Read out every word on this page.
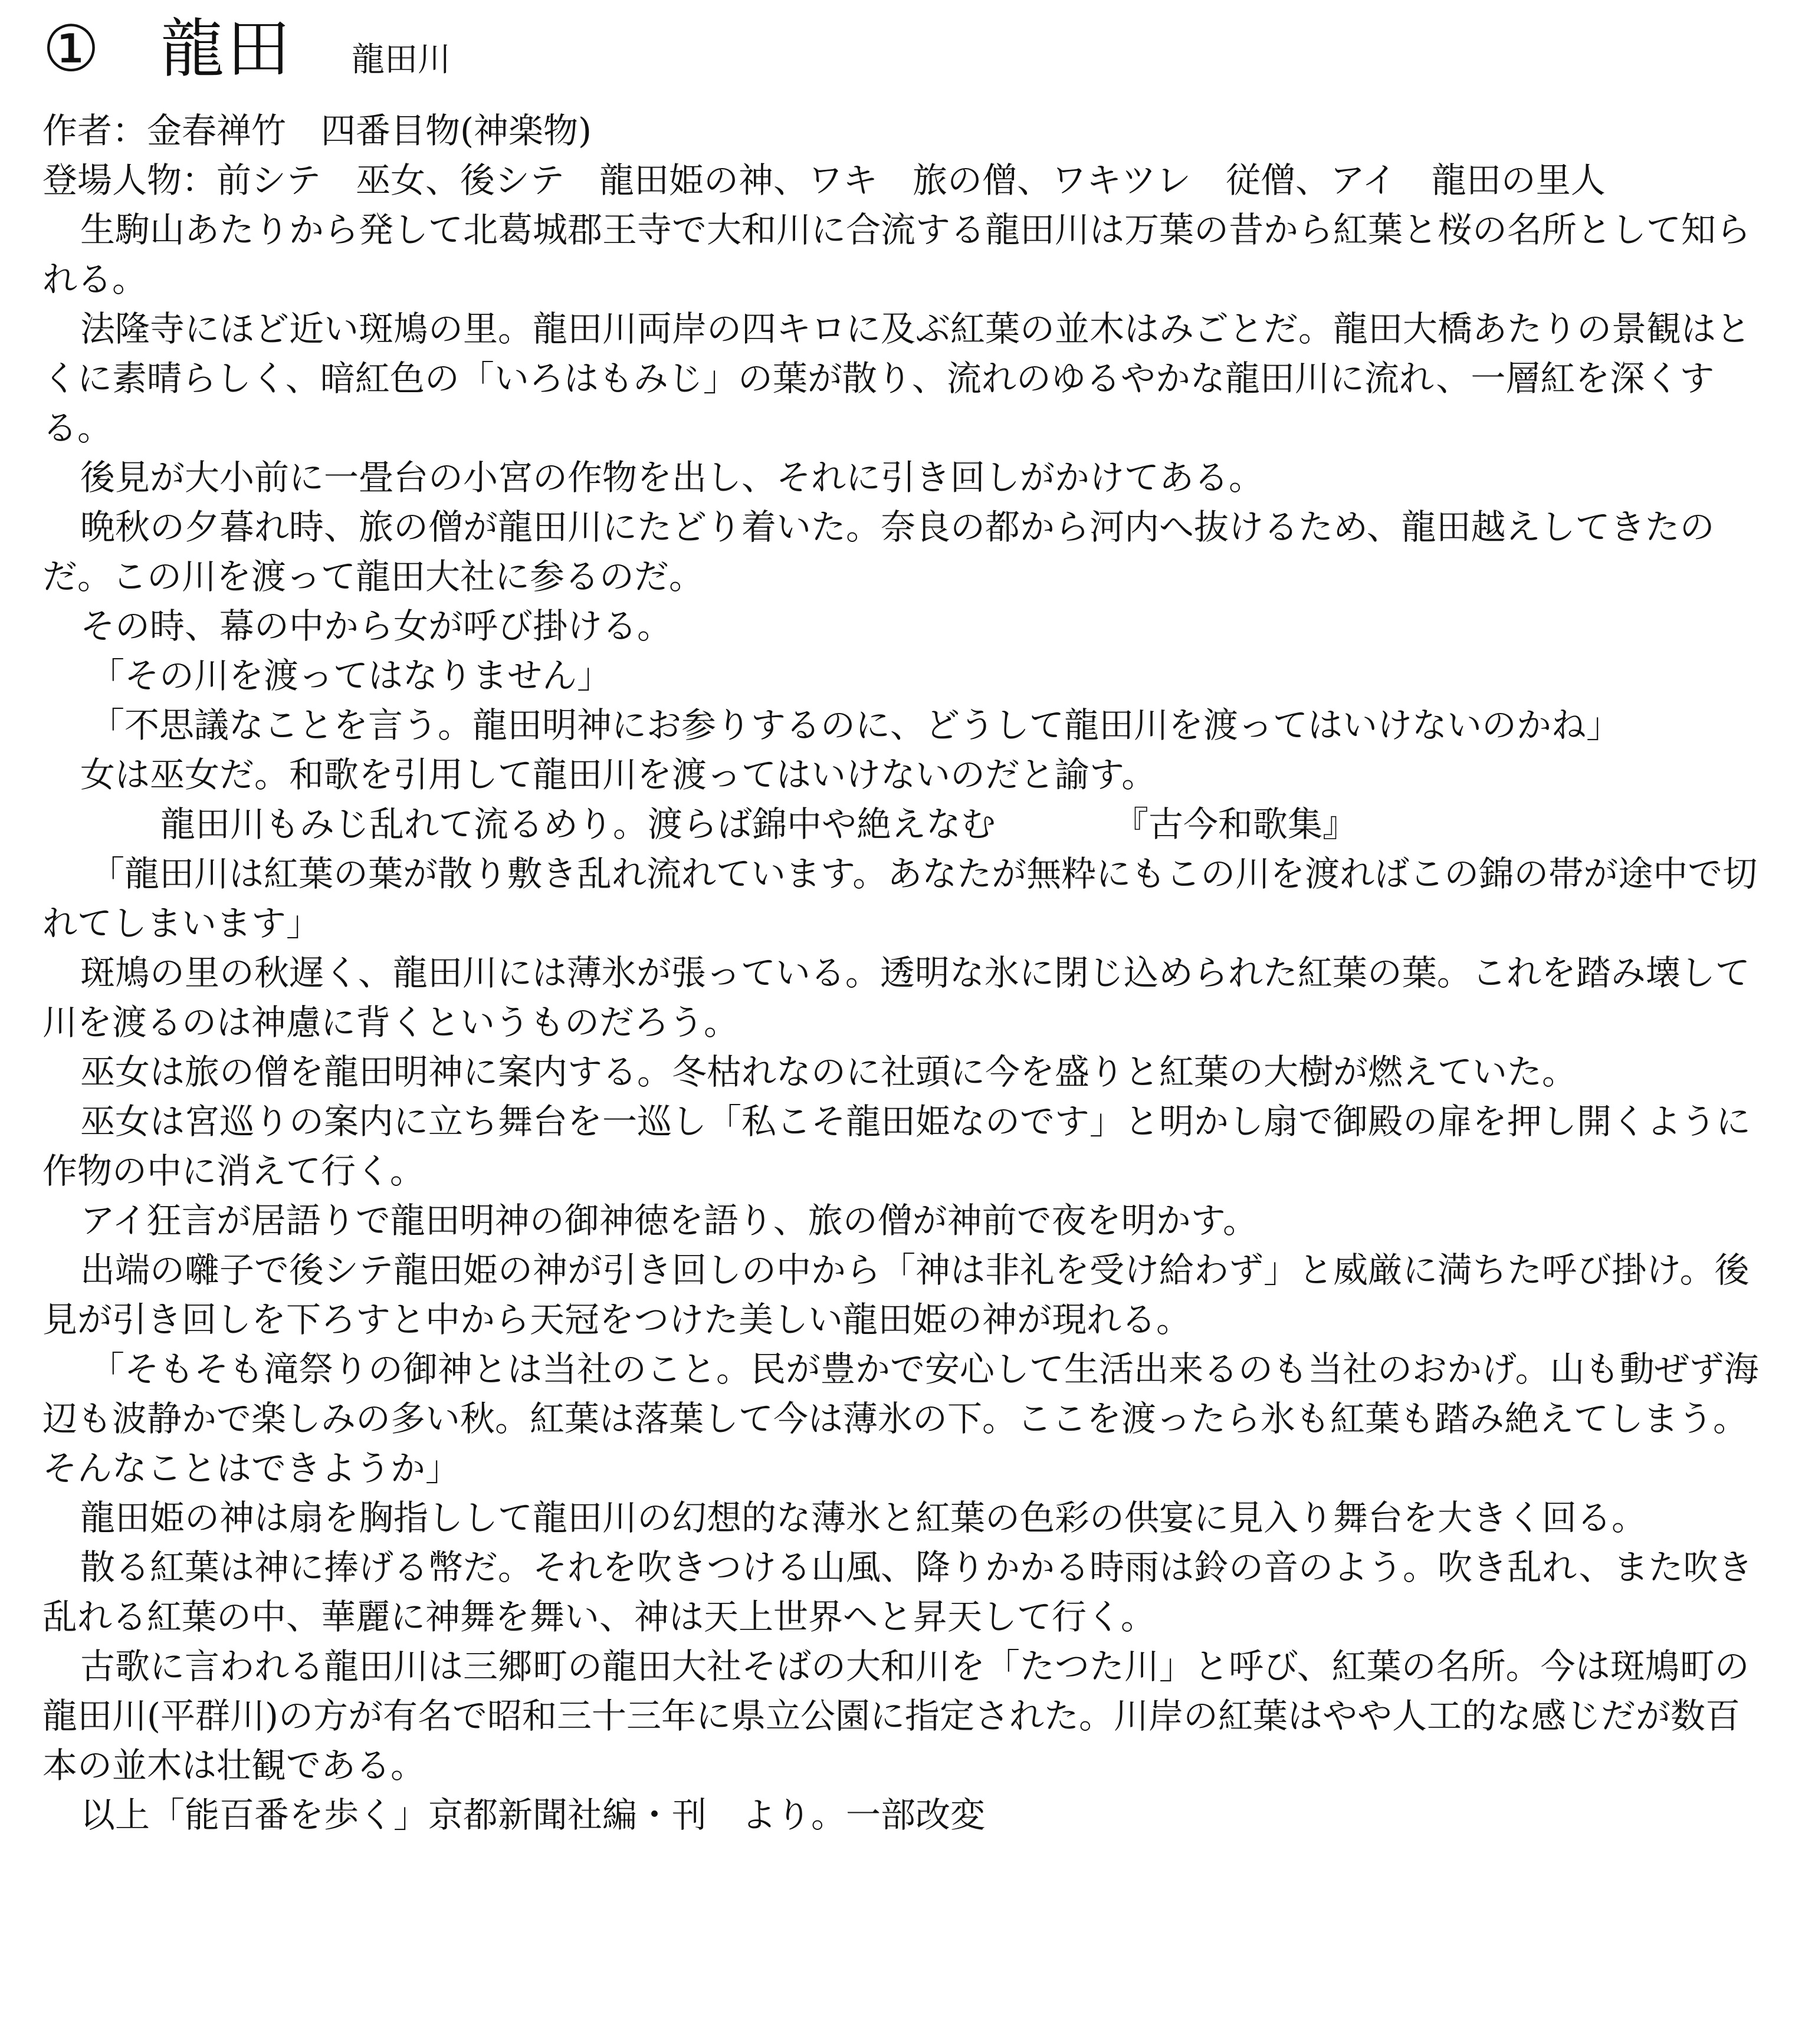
① 龍田 龍田川

作者：金春禅竹　四番目物(神楽物)

登場人物：前シテ　巫女、後シテ　龍田姫の神、ワキ　旅の僧、ワキツレ　従僧、アイ　龍田の里人

生駒山あたりから発して北葛城郡王寺で大和川に合流する龍田川は万葉の昔から紅葉と桜の名所として知られる。

法隆寺にほど近い斑鳩の里。龍田川両岸の四キロに及ぶ紅葉の並木はみごとだ。龍田大橋あたりの景観はとくに素晴らしく、暗紅色の「いろはもみじ」の葉が散り、流れのゆるやかな龍田川に流れ、一層紅を深くする。

後見が大小前に一畳台の小宮の作物を出し、それに引き回しがかけてある。

晩秋の夕暮れ時、旅の僧が龍田川にたどり着いた。奈良の都から河内へ抜けるため、龍田越えしてきたのだ。この川を渡って龍田大社に参るのだ。

その時、幕の中から女が呼び掛ける。

「その川を渡ってはなりません」

「不思議なことを言う。龍田明神にお参りするのに、どうして龍田川を渡ってはいけないのかね」

女は巫女だ。和歌を引用して龍田川を渡ってはいけないのだと諭す。

龍田川もみじ乱れて流るめり。渡らば錦中や絶えなむ	『古今和歌集』

「龍田川は紅葉の葉が散り敷き乱れ流れています。あなたが無粋にもこの川を渡ればこの錦の帯が途中で切れてしまいます」

斑鳩の里の秋遅く、龍田川には薄氷が張っている。透明な氷に閉じ込められた紅葉の葉。これを踏み壊して川を渡るのは神慮に背くというものだろう。

巫女は旅の僧を龍田明神に案内する。冬枯れなのに社頭に今を盛りと紅葉の大樹が燃えていた。

巫女は宮巡りの案内に立ち舞台を一巡し「私こそ龍田姫なのです」と明かし扇で御殿の扉を押し開くように作物の中に消えて行く。

アイ狂言が居語りで龍田明神の御神徳を語り、旅の僧が神前で夜を明かす。

出端の囃子で後シテ龍田姫の神が引き回しの中から「神は非礼を受け給わず」と威厳に満ちた呼び掛け。後見が引き回しを下ろすと中から天冠をつけた美しい龍田姫の神が現れる。

「そもそも滝祭りの御神とは当社のこと。民が豊かで安心して生活出来るのも当社のおかげ。山も動ぜず海辺も波静かで楽しみの多い秋。紅葉は落葉して今は薄氷の下。ここを渡ったら氷も紅葉も踏み絶えてしまう。そんなことはできようか」

龍田姫の神は扇を胸指しして龍田川の幻想的な薄氷と紅葉の色彩の供宴に見入り舞台を大きく回る。

散る紅葉は神に捧げる幣だ。それを吹きつける山風、降りかかる時雨は鈴の音のよう。吹き乱れ、また吹き乱れる紅葉の中、華麗に神舞を舞い、神は天上世界へと昇天して行く。

古歌に言われる龍田川は三郷町の龍田大社そばの大和川を「たつた川」と呼び、紅葉の名所。今は斑鳩町の龍田川(平群川)の方が有名で昭和三十三年に県立公園に指定された。川岸の紅葉はやや人工的な感じだが数百本の並木は壮観である。

以上「能百番を歩く」京都新聞社編・刊　より。一部改変
